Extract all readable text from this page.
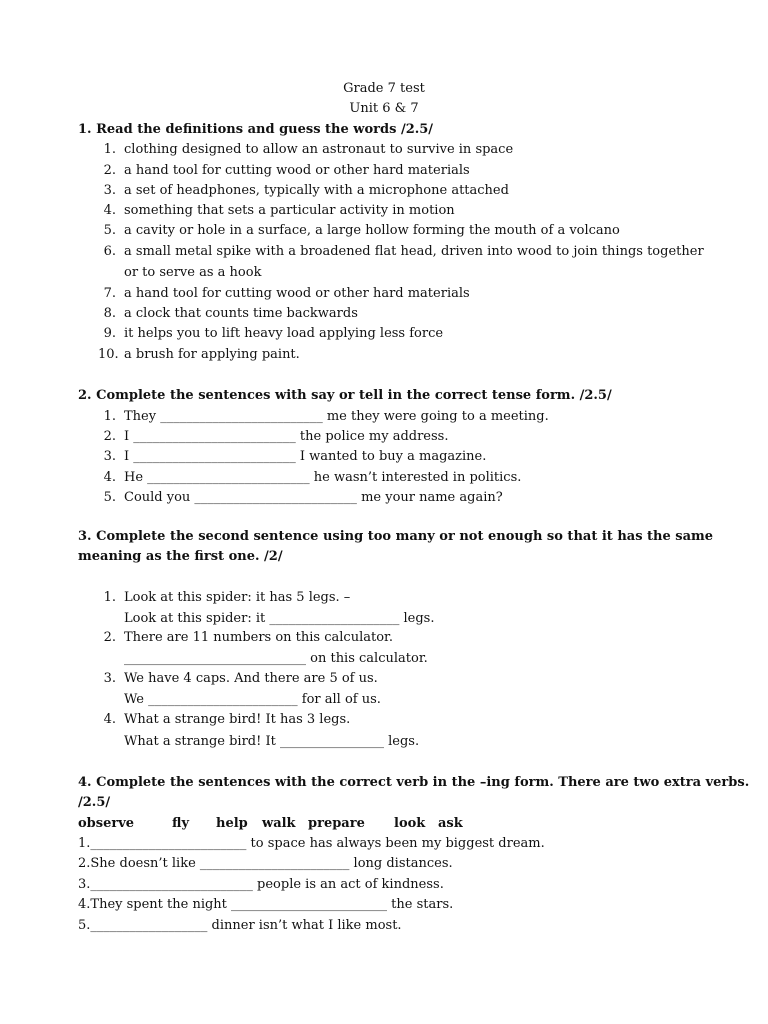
Grade 7 test
Unit 6 & 7
1. Read the definitions and guess the words /2.5/
1. clothing designed to allow an astronaut to survive in space
2. a hand tool for cutting wood or other hard materials
3. a set of headphones, typically with a microphone attached
4. something that sets a particular activity in motion
5. a cavity or hole in a surface, a large hollow forming the mouth of a volcano
6. a small metal spike with a broadened flat head, driven into wood to join things together
or to serve as a hook
7. a hand tool for cutting wood or other hard materials
8. a clock that counts time backwards
9. it helps you to lift heavy load applying less force
10. a brush for applying paint.
2. Complete the sentences with say or tell in the correct tense form. /2.5/
1. They _________________________ me they were going to a meeting.
2. I _________________________ the police my address.
3. I _________________________ I wanted to buy a magazine.
4. He _________________________ he wasn’t interested in politics.
5. Could you _________________________ me your name again?
3. Complete the second sentence using too many or not enough so that it has the same
meaning as the first one. /2/
1. Look at this spider: it has 5 legs. –
Look at this spider: it ____________________ legs.
2. There are 11 numbers on this calculator.
____________________________ on this calculator.
3. We have 4 caps. And there are 5 of us.
We _______________________ for all of us.
4. What a strange bird! It has 3 legs.
What a strange bird! It ________________ legs.
4. Complete the sentences with the correct verb in the –ing form. There are two extra verbs.
/2.5/
observe	fly help walk prepare look ask
1.________________________ to space has always been my biggest dream.
2.She doesn’t like _______________________ long distances.
3._________________________ people is an act of kindness.
4.They spent the night ________________________ the stars.
5.__________________ dinner isn’t what I like most.
